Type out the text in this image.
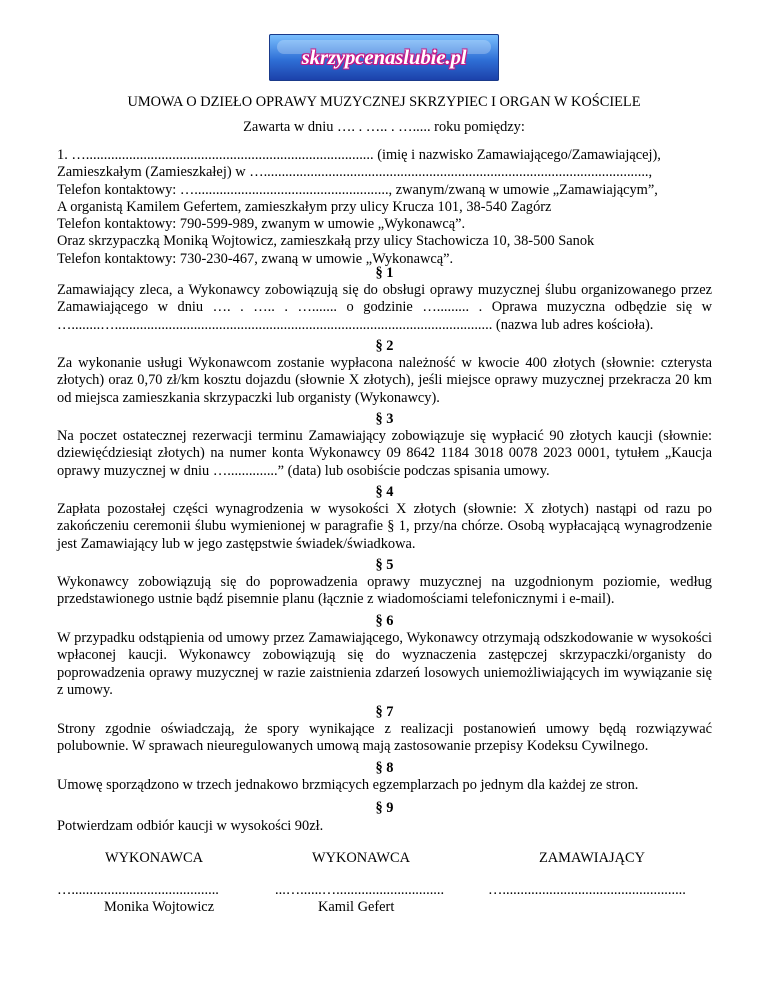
skrzypcenaslubie.pl
UMOWA O DZIEŁO OPRAWY MUZYCZNEJ SKRZYPIEC I ORGAN W KOŚCIELE
Zawarta w dniu …. . ….. . …..... roku pomiędzy:
1. …................................................................................ (imię i nazwisko Zamawiającego/Zamawiającej),
Zamieszkałym (Zamieszkałej) w …...........................................................................................................,
Telefon kontaktowy: …......................................................, zwanym/zwaną w umowie „Zamawiającym”,
A organistą Kamilem Gefertem, zamieszkałym przy ulicy Krucza 101, 38-540 Zagórz
Telefon kontaktowy: 790-599-989, zwanym w umowie „Wykonawcą”.
Oraz skrzypaczką Moniką Wojtowicz, zamieszkałą przy ulicy Stachowicza 10, 38-500 Sanok
Telefon kontaktowy: 730-230-467, zwaną w umowie „Wykonawcą”.
§ 1
Zamawiający zleca, a Wykonawcy zobowiązują się do obsługi oprawy muzycznej ślubu organizowanego przez Zamawiającego w dniu …. . ….. . …....... o godzinie …......... . Oprawa muzyczna odbędzie się w …........…......................................................................................................... (nazwa lub adres kościoła).
§ 2
Za wykonanie usługi Wykonawcom zostanie wypłacona należność w kwocie 400 złotych (słownie: czterysta złotych) oraz 0,70 zł/km kosztu dojazdu (słownie X złotych), jeśli miejsce oprawy muzycznej przekracza 20 km od miejsca zamieszkania skrzypaczki lub organisty (Wykonawcy).
§ 3
Na poczet ostatecznej rezerwacji terminu Zamawiający zobowiązuje się wypłacić 90 złotych kaucji (słownie: dziewięćdziesiąt złotych) na numer konta Wykonawcy 09 8642 1184 3018 0078 2023 0001, tytułem „Kaucja oprawy muzycznej w dniu …..............” (data) lub osobiście podczas spisania umowy.
§ 4
Zapłata pozostałej części wynagrodzenia w wysokości X złotych (słownie: X złotych) nastąpi od razu po zakończeniu ceremonii ślubu wymienionej w paragrafie § 1, przy/na chórze. Osobą wypłacającą wynagrodzenie jest Zamawiający lub w jego zastępstwie świadek/świadkowa.
§ 5
Wykonawcy zobowiązują się do poprowadzenia oprawy muzycznej na uzgodnionym poziomie, według przedstawionego ustnie bądź pisemnie planu (łącznie z wiadomościami telefonicznymi i e-mail).
§ 6
W przypadku odstąpienia od umowy przez Zamawiającego, Wykonawcy otrzymają odszkodowanie w wysokości wpłaconej kaucji. Wykonawcy zobowiązują się do wyznaczenia zastępczej skrzypaczki/organisty do poprowadzenia oprawy muzycznej w razie zaistnienia zdarzeń losowych uniemożliwiających im wywiązanie się z umowy.
§ 7
Strony zgodnie oświadczają, że spory wynikające z realizacji postanowień umowy będą rozwiązywać polubownie. W sprawach nieuregulowanych umową mają zastosowanie przepisy Kodeksu Cywilnego.
§ 8
Umowę sporządzono w trzech jednakowo brzmiących egzemplarzach po jednym dla każdej ze stron.
§ 9
Potwierdzam odbiór kaucji w wysokości 90zł.
WYKONAWCA	WYKONAWCA	ZAMAWIAJĄCY
….........................................	...…......…..............................	…...................................................
Monika Wojtowicz	Kamil Gefert
